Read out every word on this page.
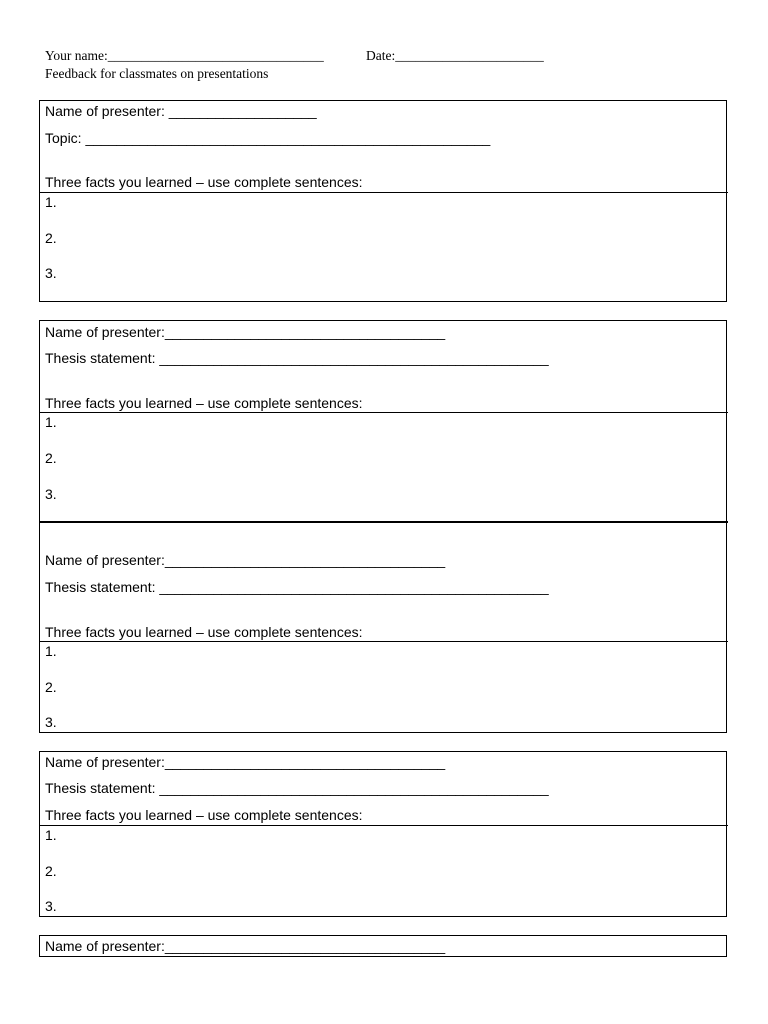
Your name:________________________________	Date:______________________
Feedback for classmates on presentations
Name of presenter: ___________________
Topic: ____________________________________________________
Three facts you learned – use complete sentences:
1.
2.
3.
Name of presenter:____________________________________
Thesis statement: __________________________________________________
Three facts you learned – use complete sentences:
1.
2.
3.
Name of presenter:____________________________________
Thesis statement: __________________________________________________
Three facts you learned – use complete sentences:
1.
2.
3.
Name of presenter:____________________________________
Thesis statement: __________________________________________________
Three facts you learned – use complete sentences:
1.
2.
3.
Name of presenter:____________________________________
